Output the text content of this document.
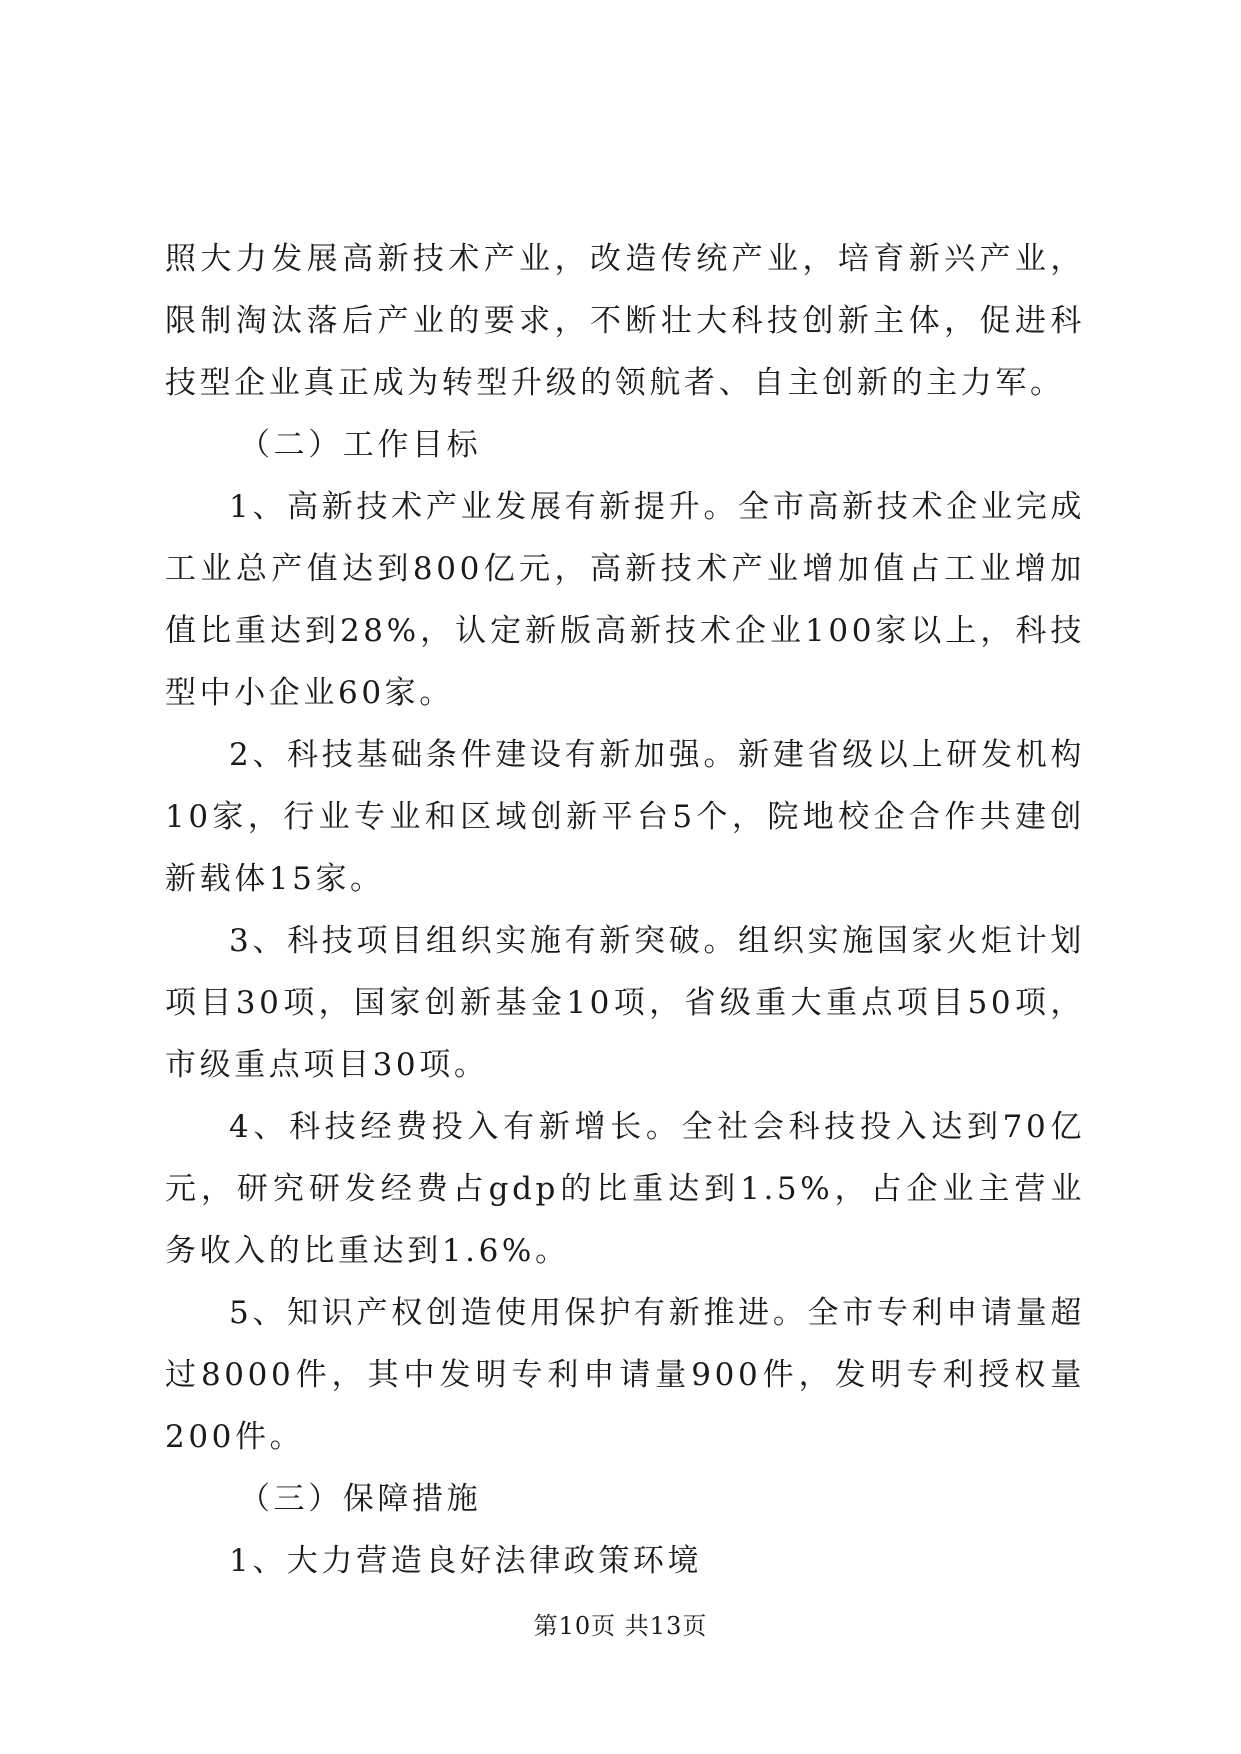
照大力发展高新技术产业，改造传统产业，培育新兴产业，限制淘汰落后产业的要求，不断壮大科技创新主体，促进科技型企业真正成为转型升级的领航者、自主创新的主力军。

（二）工作目标

1、高新技术产业发展有新提升。全市高新技术企业完成工业总产值达到800亿元，高新技术产业增加值占工业增加值比重达到28%，认定新版高新技术企业100家以上，科技型中小企业60家。

2、科技基础条件建设有新加强。新建省级以上研发机构10家，行业专业和区域创新平台5个，院地校企合作共建创新载体15家。

3、科技项目组织实施有新突破。组织实施国家火炬计划项目30项，国家创新基金10项，省级重大重点项目50项，市级重点项目30项。

4、科技经费投入有新增长。全社会科技投入达到70亿元，研究研发经费占gdp的比重达到1.5%，占企业主营业务收入的比重达到1.6%。

5、知识产权创造使用保护有新推进。全市专利申请量超过8000件，其中发明专利申请量900件，发明专利授权量200件。

（三）保障措施

1、大力营造良好法律政策环境

第10页 共13页
